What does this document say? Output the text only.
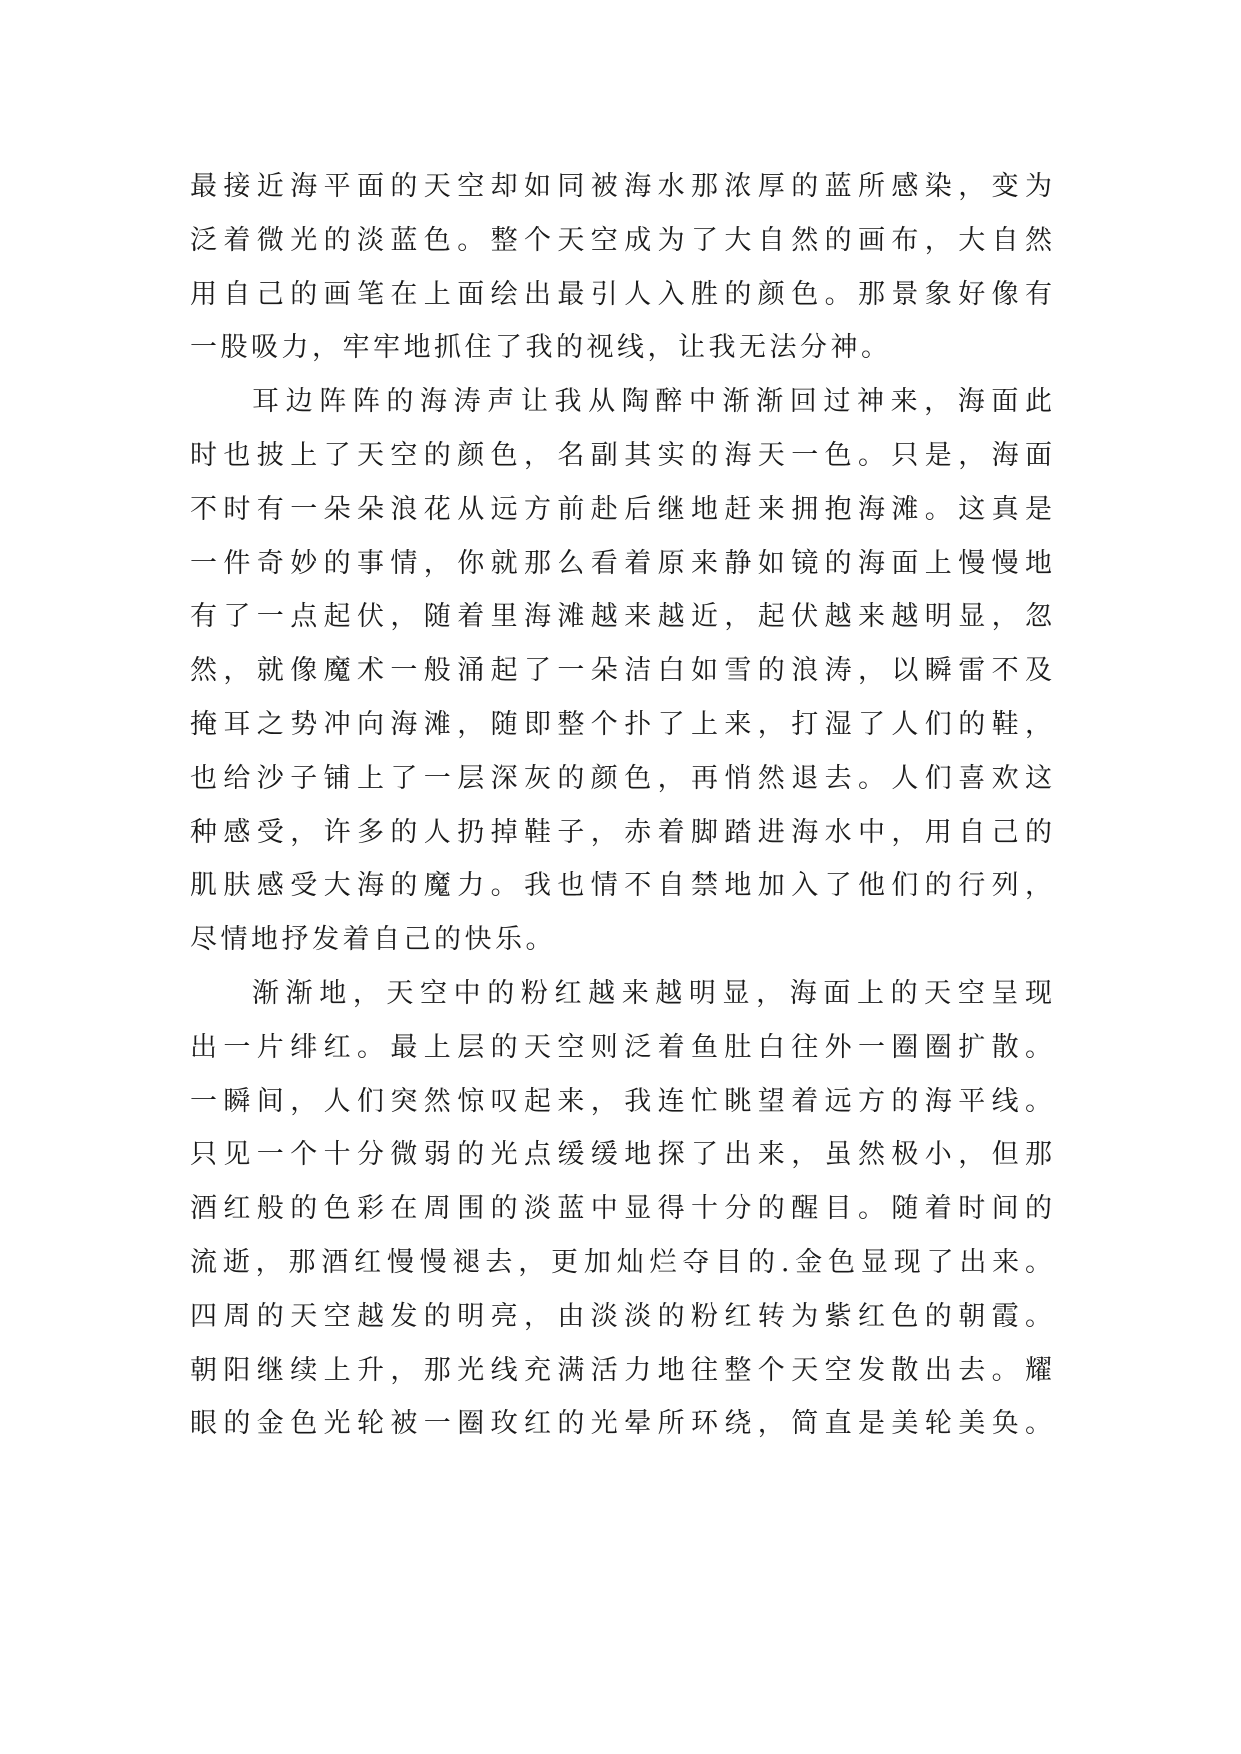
最接近海平面的天空却如同被海水那浓厚的蓝所感染，变为
泛着微光的淡蓝色。整个天空成为了大自然的画布，大自然
用自己的画笔在上面绘出最引人入胜的颜色。那景象好像有
一股吸力，牢牢地抓住了我的视线，让我无法分神。
耳边阵阵的海涛声让我从陶醉中渐渐回过神来，海面此
时也披上了天空的颜色，名副其实的海天一色。只是，海面
不时有一朵朵浪花从远方前赴后继地赶来拥抱海滩。这真是
一件奇妙的事情，你就那么看着原来静如镜的海面上慢慢地
有了一点起伏，随着里海滩越来越近，起伏越来越明显，忽
然，就像魔术一般涌起了一朵洁白如雪的浪涛，以瞬雷不及
掩耳之势冲向海滩，随即整个扑了上来，打湿了人们的鞋，
也给沙子铺上了一层深灰的颜色，再悄然退去。人们喜欢这
种感受，许多的人扔掉鞋子，赤着脚踏进海水中，用自己的
肌肤感受大海的魔力。我也情不自禁地加入了他们的行列，
尽情地抒发着自己的快乐。
渐渐地，天空中的粉红越来越明显，海面上的天空呈现
出一片绯红。最上层的天空则泛着鱼肚白往外一圈圈扩散。
一瞬间，人们突然惊叹起来，我连忙眺望着远方的海平线。
只见一个十分微弱的光点缓缓地探了出来，虽然极小，但那
酒红般的色彩在周围的淡蓝中显得十分的醒目。随着时间的
流逝，那酒红慢慢褪去，更加灿烂夺目的.金色显现了出来。
四周的天空越发的明亮，由淡淡的粉红转为紫红色的朝霞。
朝阳继续上升，那光线充满活力地往整个天空发散出去。耀
眼的金色光轮被一圈玫红的光晕所环绕，简直是美轮美奂。
